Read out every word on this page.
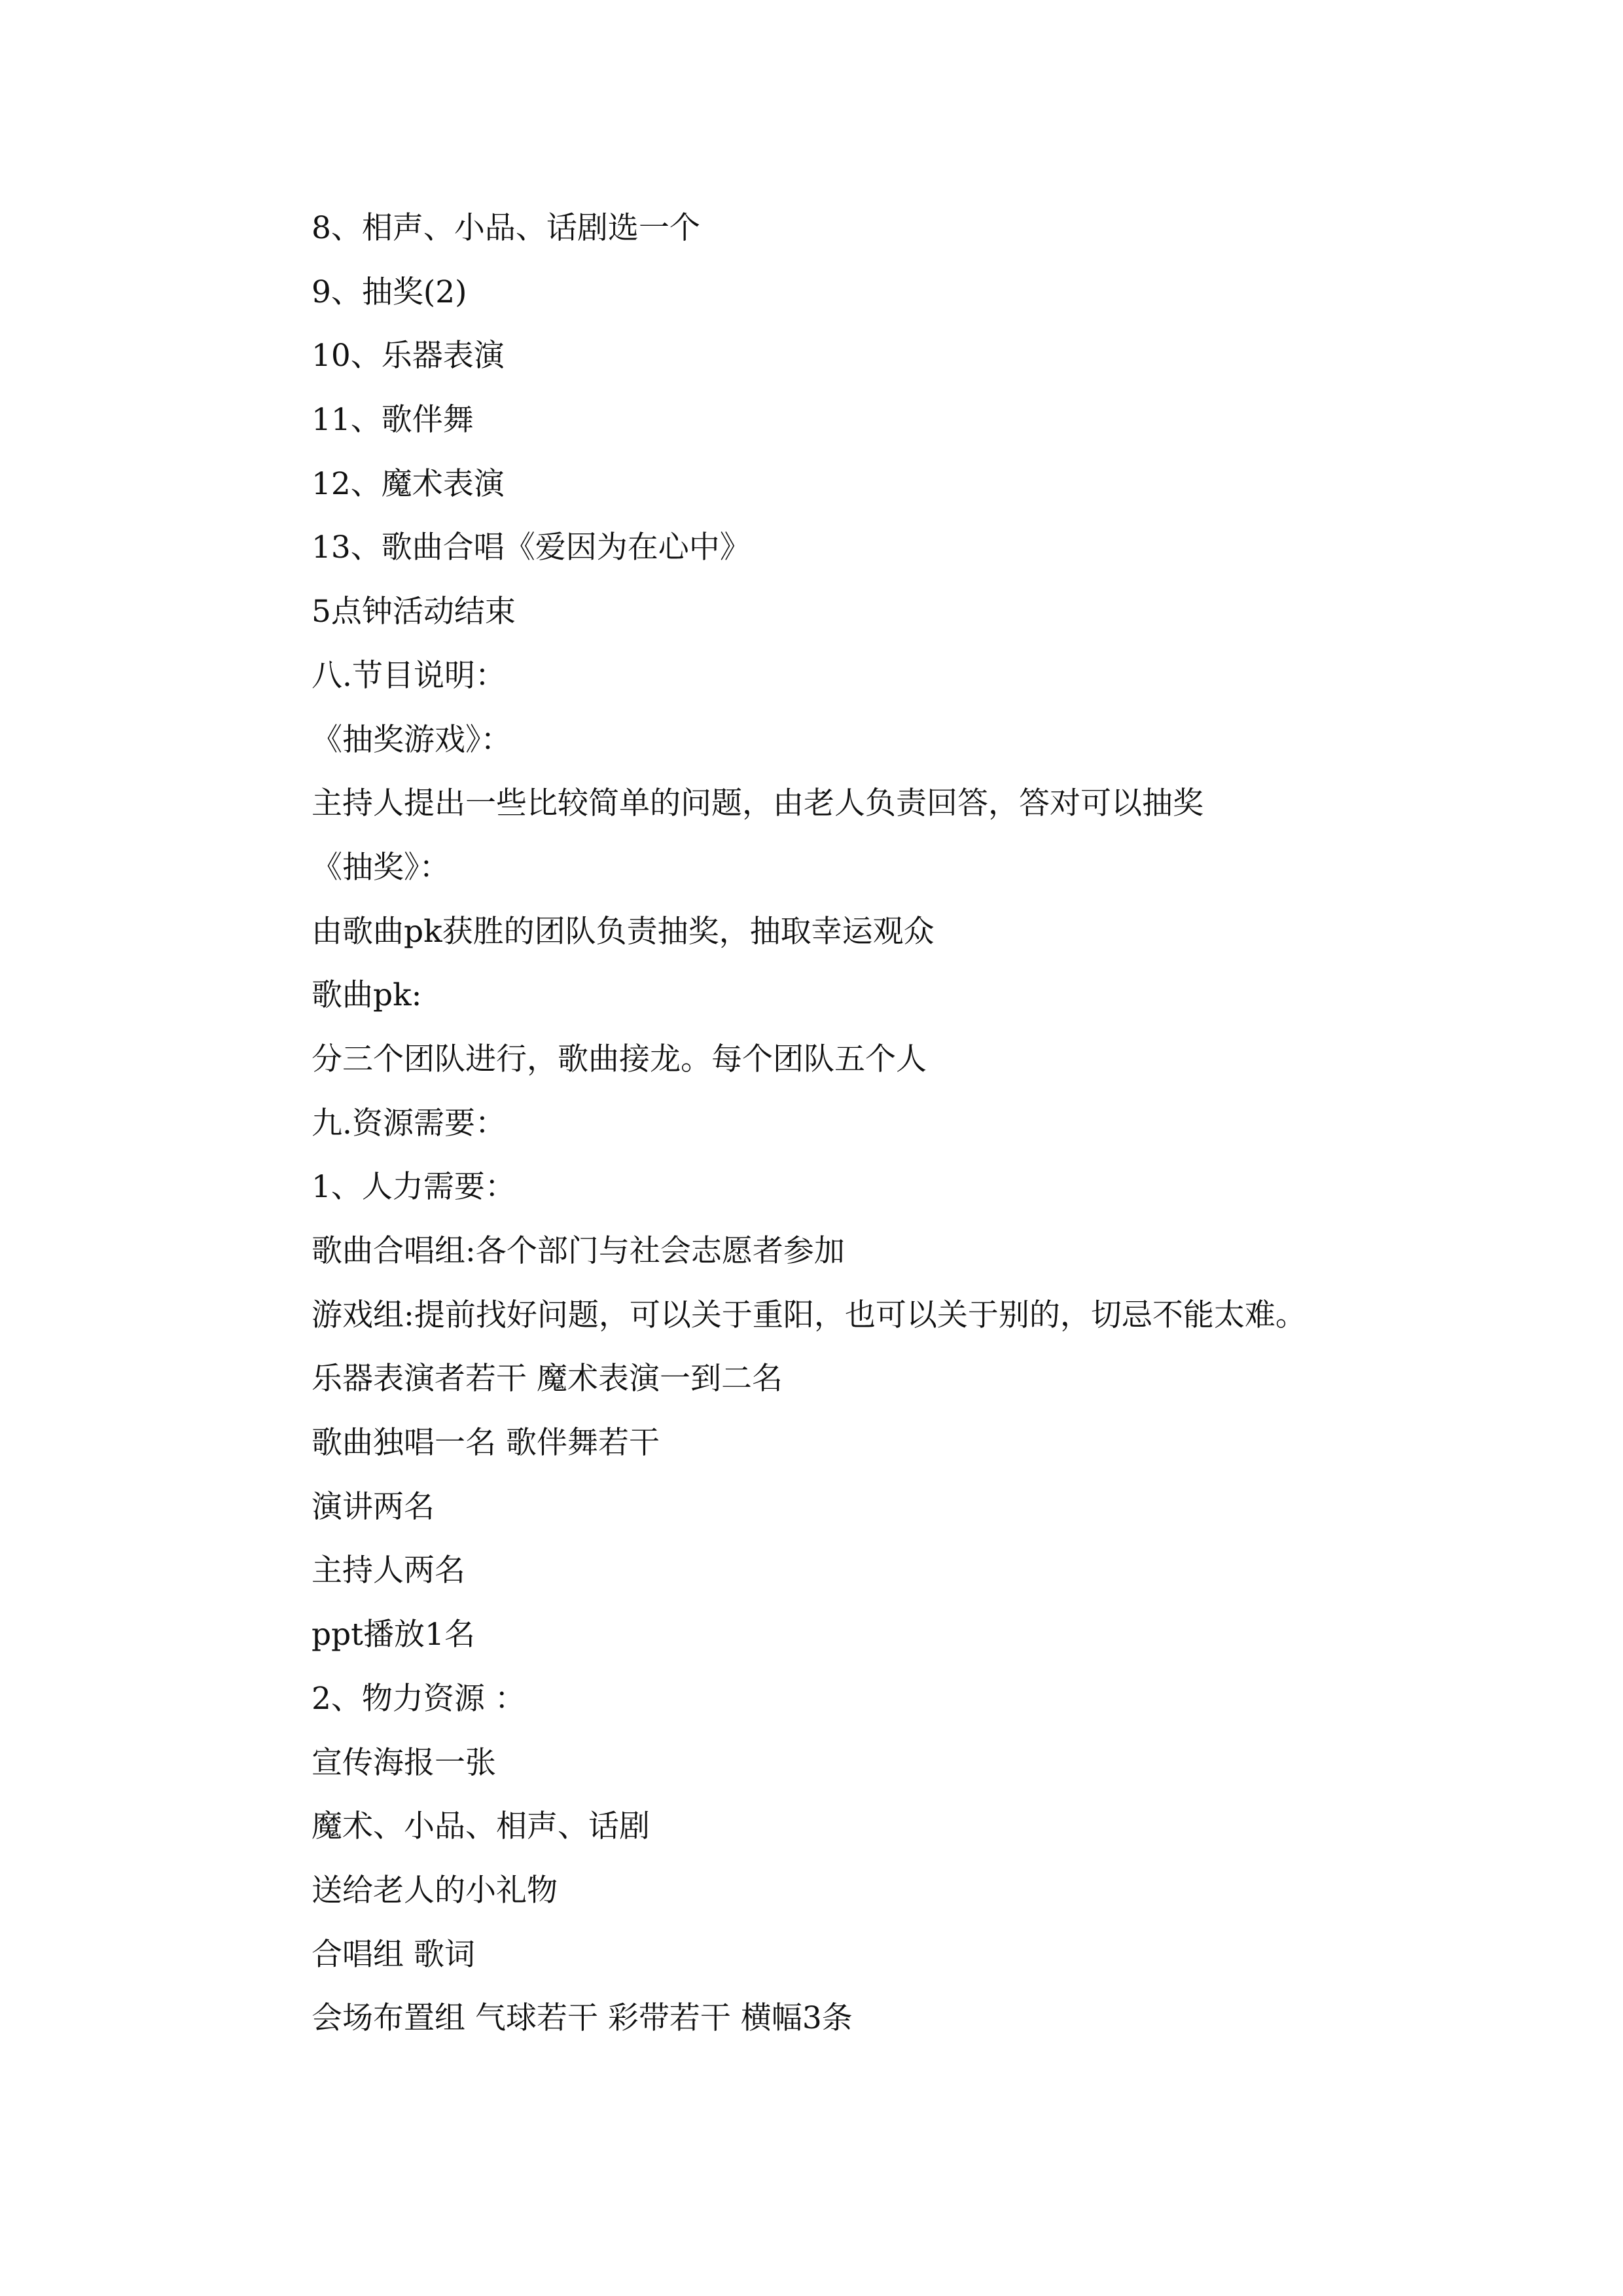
8、相声、小品、话剧选一个
9、抽奖(2)
10、乐器表演
11、歌伴舞
12、魔术表演
13、歌曲合唱《爱因为在心中》
5点钟活动结束
八.节目说明：
《抽奖游戏》：
主持人提出一些比较简单的问题，由老人负责回答，答对可以抽奖
《抽奖》：
由歌曲pk获胜的团队负责抽奖，抽取幸运观众
歌曲pk:
分三个团队进行，歌曲接龙。每个团队五个人
九.资源需要：
1、人力需要：
歌曲合唱组:各个部门与社会志愿者参加
游戏组:提前找好问题，可以关于重阳，也可以关于别的，切忌不能太难。
乐器表演者若干 魔术表演一到二名
歌曲独唱一名 歌伴舞若干
演讲两名
主持人两名
ppt播放1名
2、物力资源 ：
宣传海报一张
魔术、小品、相声、话剧
送给老人的小礼物
合唱组 歌词
会场布置组 气球若干 彩带若干 横幅3条
